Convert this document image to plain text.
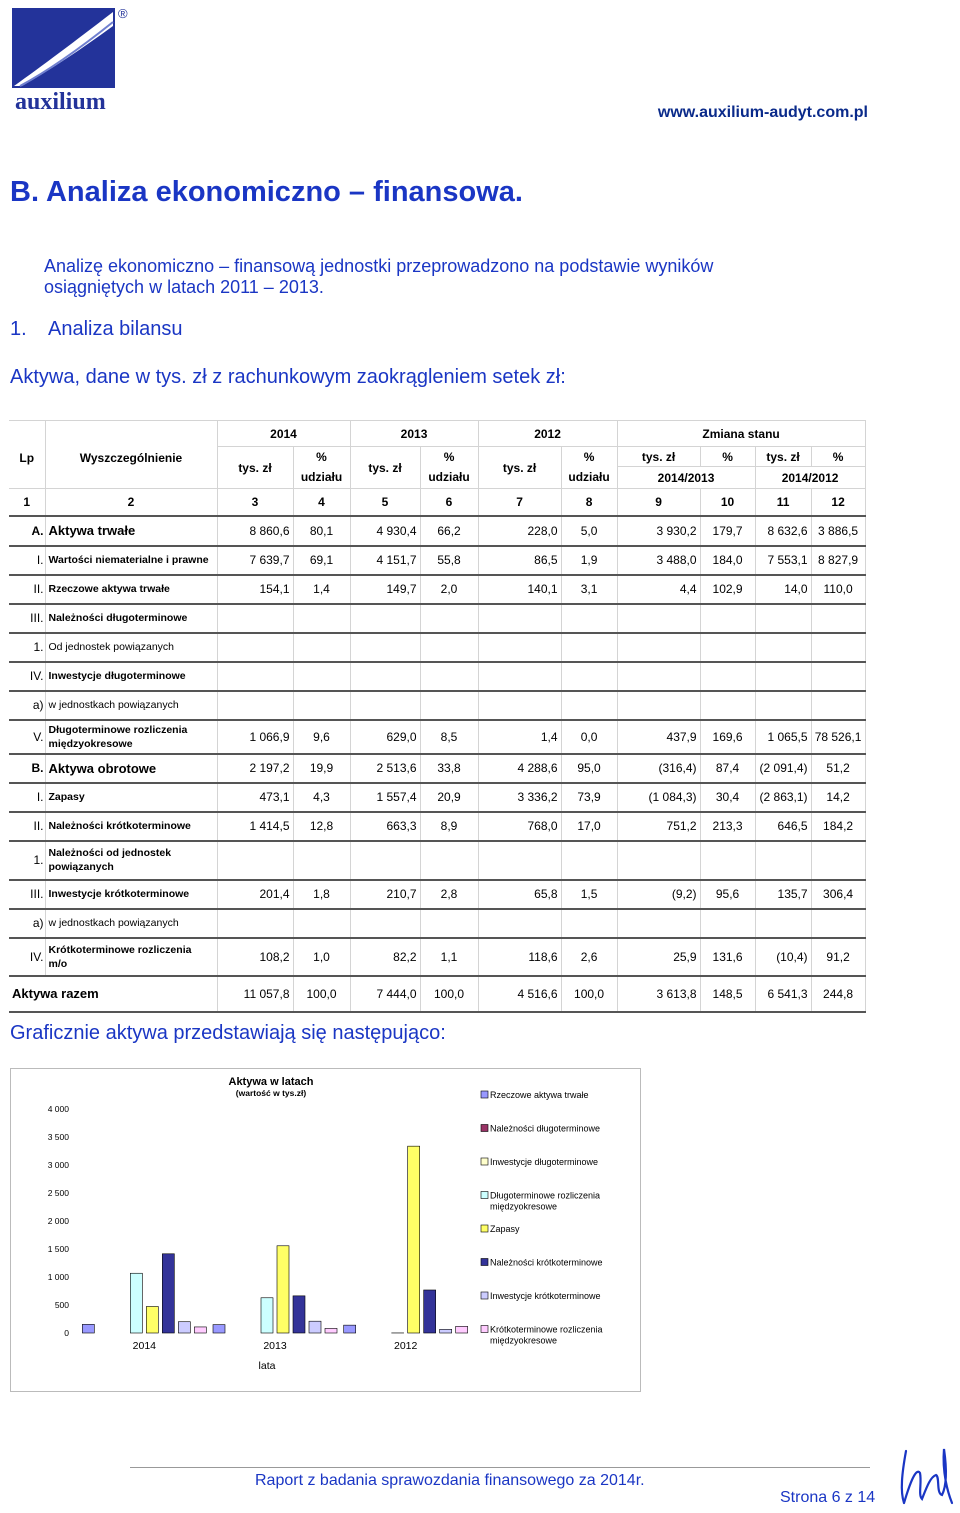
auxilium
®
www.auxilium-audyt.com.pl
B. Analiza ekonomiczno – finansowa.
Analizę ekonomiczno – finansową jednostki przeprowadzono na podstawie wyników
osiągniętych w latach 2011 – 2013.
1. Analiza bilansu
Aktywa, dane w tys. zł z rachunkowym zaokrągleniem setek zł:
Lp	Wyszczególnienie	2014		2013		2012		Zmiana stanu			
		tys. zł	%	tys. zł	%	tys. zł	%	tys. zł	%	tys. zł	%
			udziału		udziału		udziału	2014/2013		2014/2012	
1	2	3	4	5	6	7	8	9	10	11	12
A.	Aktywa trwałe	8 860,6	80,1	4 930,4	66,2	228,0	5,0	3 930,2	179,7	8 632,6	3 886,5
I.	Wartości niematerialne i prawne	7 639,7	69,1	4 151,7	55,8	86,5	1,9	3 488,0	184,0	7 553,1	8 827,9
II.	Rzeczowe aktywa trwałe	154,1	1,4	149,7	2,0	140,1	3,1	4,4	102,9	14,0	110,0
III.	Należności długoterminowe										
1.	Od jednostek powiązanych										
IV.	Inwestycje długoterminowe										
a)	w jednostkach powiązanych										
V.	Długoterminowe rozliczenia
międzyokresowe	1 066,9	9,6	629,0	8,5	1,4	0,0	437,9	169,6	1 065,5	78 526,1
B.	Aktywa obrotowe	2 197,2	19,9	2 513,6	33,8	4 288,6	95,0	(316,4)	87,4	(2 091,4)	51,2
I.	Zapasy	473,1	4,3	1 557,4	20,9	3 336,2	73,9	(1 084,3)	30,4	(2 863,1)	14,2
II.	Należności krótkoterminowe	1 414,5	12,8	663,3	8,9	768,0	17,0	751,2	213,3	646,5	184,2
1.	Należności od jednostek
powiązanych										

III.	Inwestycje krótkoterminowe	201,4	1,8	210,7	2,8	65,8	1,5	(9,2)	95,6	135,7	306,4
a)	w jednostkach powiązanych										
IV.	Krótkoterminowe rozliczenia
m/o	108,2	1,0	82,2	1,1	118,6	2,6	25,9	131,6	(10,4)	91,2
Aktywa razem		11 057,8	100,0	7 444,0	100,0	4 516,6	100,0	3 613,8	148,5	6 541,3	244,8
Graficznie aktywa przedstawiają się następująco:
Aktywa w latach
(wartość w tys.zł)
0
500
1 000
1 500
2 000
2 500
3 000
3 500
4 000
2014	2013	2012
lata
Rzeczowe aktywa trwałe
Należności długoterminowe
Inwestycje długoterminowe
Długoterminowe rozliczenia
międzyokresowe
Zapasy
Należności krótkoterminowe
Inwestycje krótkoterminowe
Krótkoterminowe rozliczenia
międzyokresowe
Raport z badania sprawozdania finansowego za 2014r.
Strona 6 z 14
